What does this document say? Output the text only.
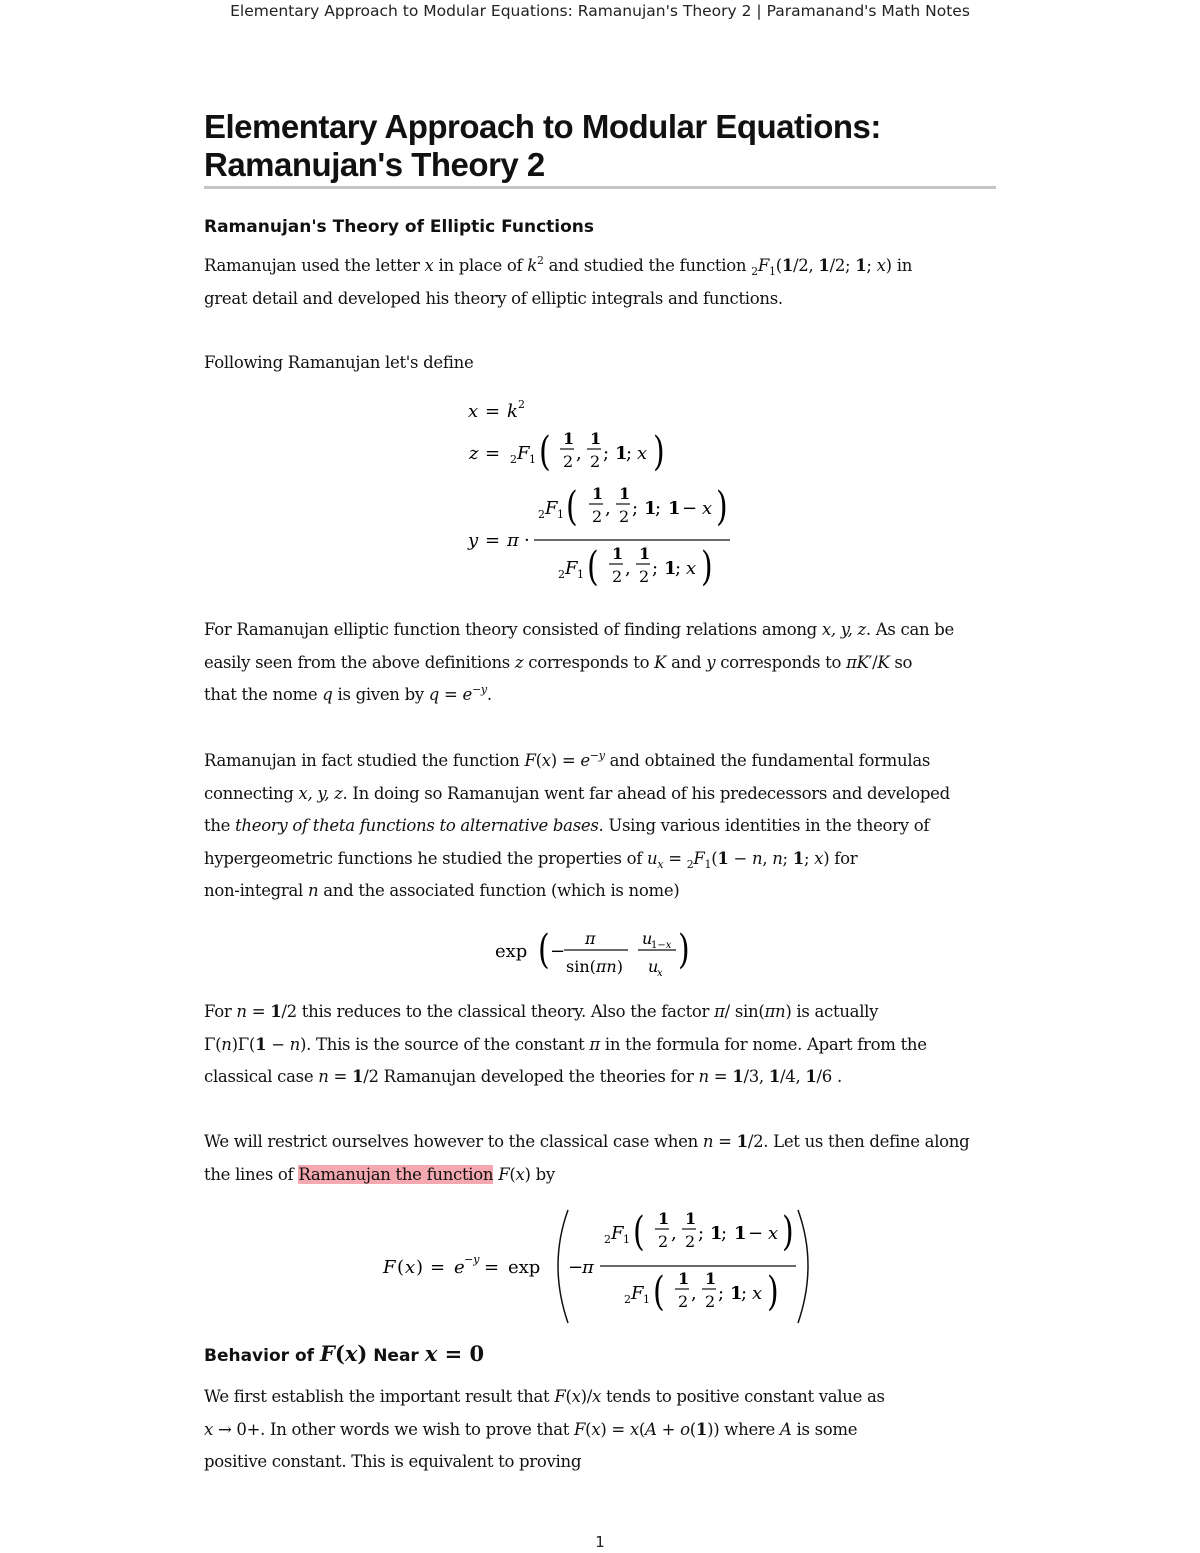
Elementary Approach to Modular Equations: Ramanujan's Theory 2 | Paramanand's Math Notes
Elementary Approach to Modular Equations:
Ramanujan's Theory 2
Ramanujan's Theory of Elliptic Functions

Ramanujan used the letter x in place of $k^2$ and studied the function $_2F_1(1/2$, 1/2; 1; x) in
great detail and developed his theory of elliptic integrals and functions.

Following Ramanujan let's define

x = k 2
z = 2 F 1 ( 1
2 ,
1
2 ; 1
; x )
y = π ·
2 F 1 ( 1
2 ,
1
2 ; 1
; 1 − x )
2 F 1 ( 1
2 ,
1
2 ; 1
; x )

For Ramanujan elliptic function theory consisted of finding relations among x, y, z. As can be
easily seen from the above definitions z corresponds to K and y corresponds to πK′/K so
that the nome q is given by $q = e^{-y}$.

Ramanujan in fact studied the function $F(x) = e^{-y}$ and obtained the fundamental formulas
connecting x, y, z. In doing so Ramanujan went far ahead of his predecessors and developed
the theory of theta functions to alternative bases. Using various identities in the theory of
hypergeometric functions he studied the properties of $u_x = _2F_1(1 - n$, n; 1; x) for
non-integral n and the associated function (which is nome)

exp ( −
π
sin(πn)
u
1−x
u
x
)

For n = 1/2 this reduces to the classical theory. Also the factor π/ sin(πn) is actually
Γ(n)Γ(1 − n). This is the source of the constant π in the formula for nome. Apart from the
classical case n = 1/2 Ramanujan developed the theories for n = 1/3, 1/4, 1/6 .

We will restrict ourselves however to the classical case when n = 1/2. Let us then define along
the lines of Ramanujan the function F(x) by

F ( x ) = e −y = exp −
π
2 F 1 ( 1
2 ,
1
2 ; 1
; 1 − x )
2 F 1 ( 1
2 ,
1
2 ; 1
; x )
Behavior of F(x) Near x = 0

We first establish the important result that F(x)/x tends to positive constant value as
x → 0+. In other words we wish to prove that F(x) = x(A + o(1)) where A is some
positive constant. This is equivalent to proving

1
